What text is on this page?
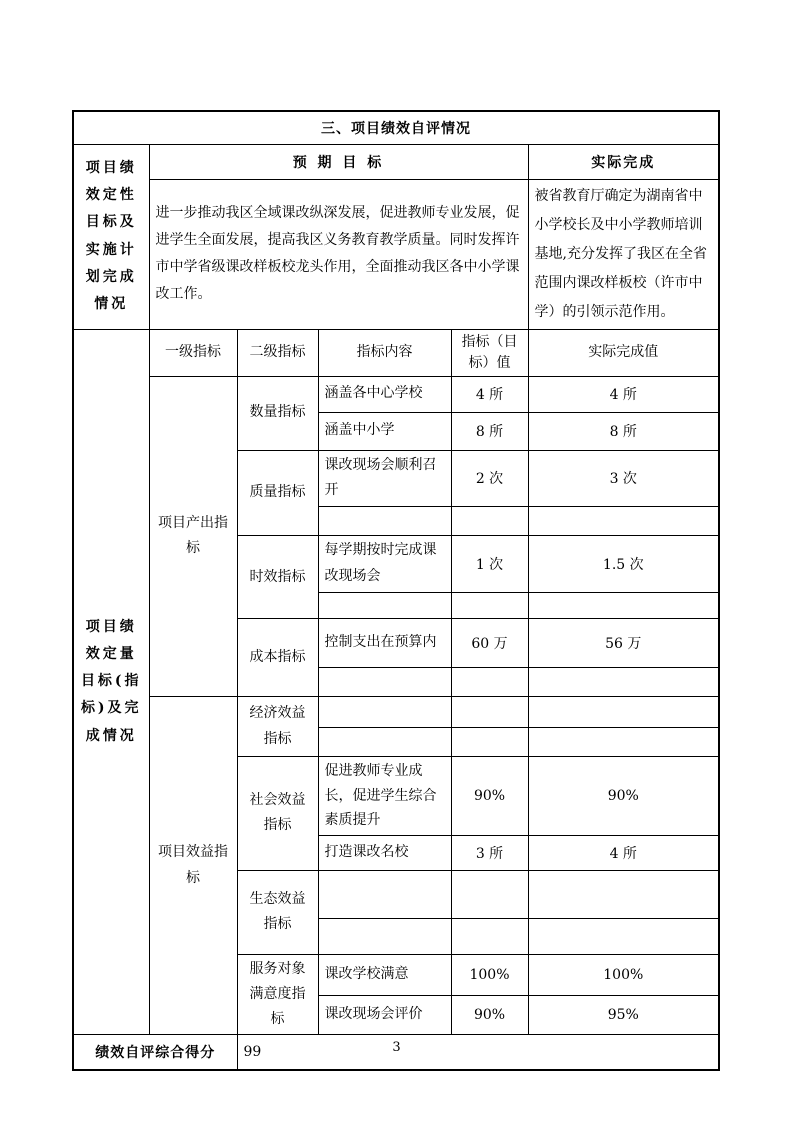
三、项目绩效自评情况					
项目绩效定性目标及实施计划完成情况	预 期 目 标				实际完成
	进一步推动我区全域课改纵深发展，促进教师专业发展，促进学生全面发展，提高我区义务教育教学质量。同时发挥许市中学省级课改样板校龙头作用，全面推动我区各中小学课改工作。				被省教育厅确定为湖南省中小学校长及中小学教师培训基地,充分发挥了我区在全省范围内课改样板校（许市中学）的引领示范作用。
项目绩效定量目标(指标)及完成情况	一级指标	二级指标	指标内容	指标（目标）值	实际完成值
	项目产出指标	数量指标	涵盖各中心学校	4 所	4 所
			涵盖中小学	8 所	8 所
		质量指标	课改现场会顺利召开	2 次	3 次

		时效指标	每学期按时完成课改现场会	1 次	1.5 次

		成本指标	控制支出在预算内	60 万	56 万

	项目效益指标	经济效益指标			

		社会效益指标	促进教师专业成长，促进学生综合素质提升	90%	90%
			打造课改名校	3 所	4 所
		生态效益指标			

		服务对象满意度指标	课改学校满意	100%	100%
			课改现场会评价	90%	95%
绩效自评综合得分		99				3
